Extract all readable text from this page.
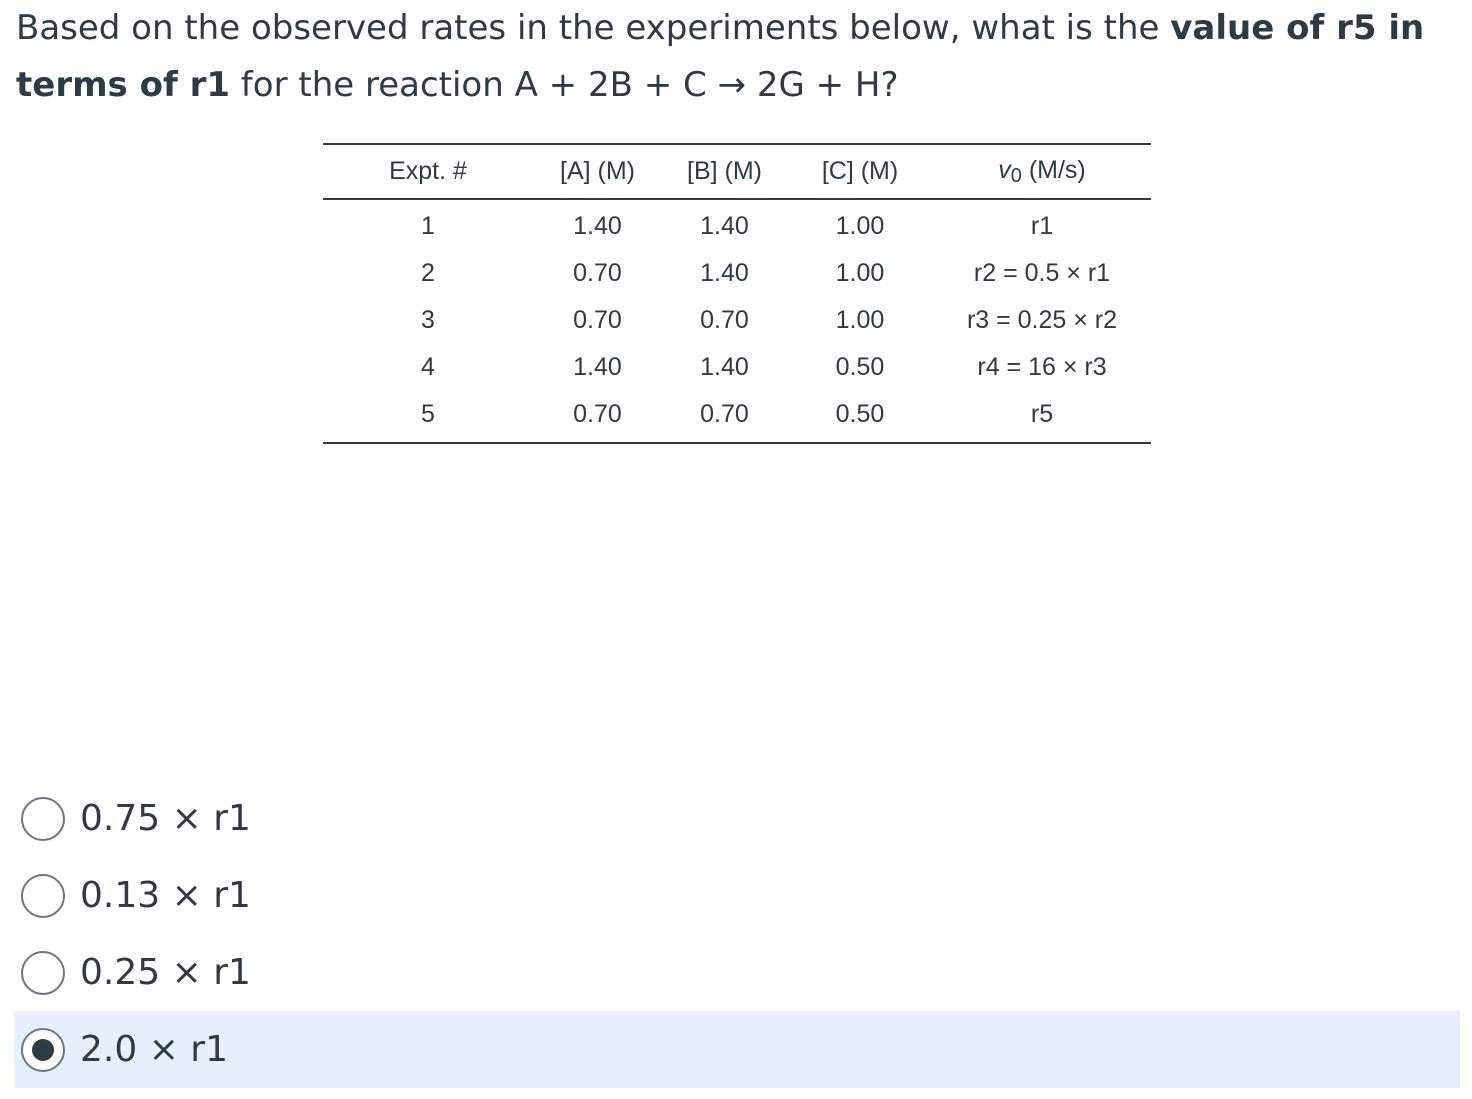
Based on the observed rates in the experiments below, what is the value of r5 in terms of r1 for the reaction A + 2B + C → 2G + H?

Expt. #	[A] (M)	[B] (M)	[C] (M)	$v_0$ (M/s)
1	1.40	1.40	1.00	r1
2	0.70	1.40	1.00	r2 = 0.5 × r1
3	0.70	0.70	1.00	r3 = 0.25 × r2
4	1.40	1.40	0.50	r4 = 16 × r3
5	0.70	0.70	0.50	r5
0.75 × r1
0.13 × r1
0.25 × r1
2.0 × r1
